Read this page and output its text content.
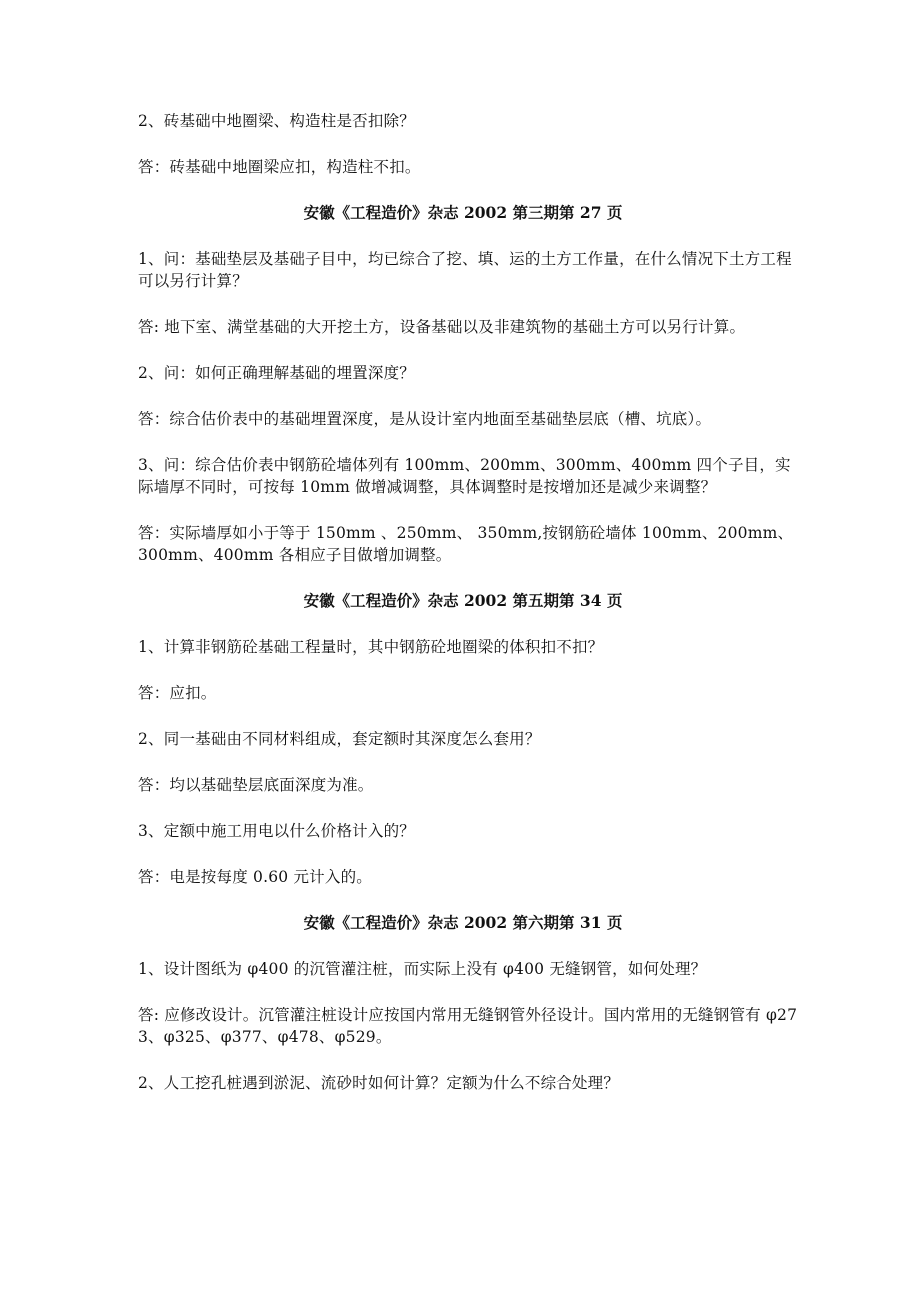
2、砖基础中地圈梁、构造柱是否扣除？

答：砖基础中地圈梁应扣，构造柱不扣。

安徽《工程造价》杂志 2002 第三期第 27 页

1、问：基础垫层及基础子目中，均已综合了挖、填、运的土方工作量，在什么情况下土方工程可以另行计算？

答: 地下室、满堂基础的大开挖土方，设备基础以及非建筑物的基础土方可以另行计算。

2、问：如何正确理解基础的埋置深度？

答：综合估价表中的基础埋置深度，是从设计室内地面至基础垫层底（槽、坑底）。

3、问：综合估价表中钢筋砼墙体列有 100mm、200mm、300mm、400mm 四个子目，实际墙厚不同时，可按每 10mm 做增减调整，具体调整时是按增加还是减少来调整？

答：实际墙厚如小于等于 150mm 、250mm、 350mm,按钢筋砼墙体 100mm、200mm、300mm、400mm 各相应子目做增加调整。

安徽《工程造价》杂志 2002 第五期第 34 页

1、计算非钢筋砼基础工程量时，其中钢筋砼地圈梁的体积扣不扣？

答：应扣。

2、同一基础由不同材料组成，套定额时其深度怎么套用？

答：均以基础垫层底面深度为准。

3、定额中施工用电以什么价格计入的？

答：电是按每度 0.60 元计入的。

安徽《工程造价》杂志 2002 第六期第 31 页

1、设计图纸为 φ400 的沉管灌注桩，而实际上没有 φ400 无缝钢管，如何处理？

答: 应修改设计。沉管灌注桩设计应按国内常用无缝钢管外径设计。国内常用的无缝钢管有 φ273、φ325、φ377、φ478、φ529。

2、人工挖孔桩遇到淤泥、流砂时如何计算？定额为什么不综合处理？
